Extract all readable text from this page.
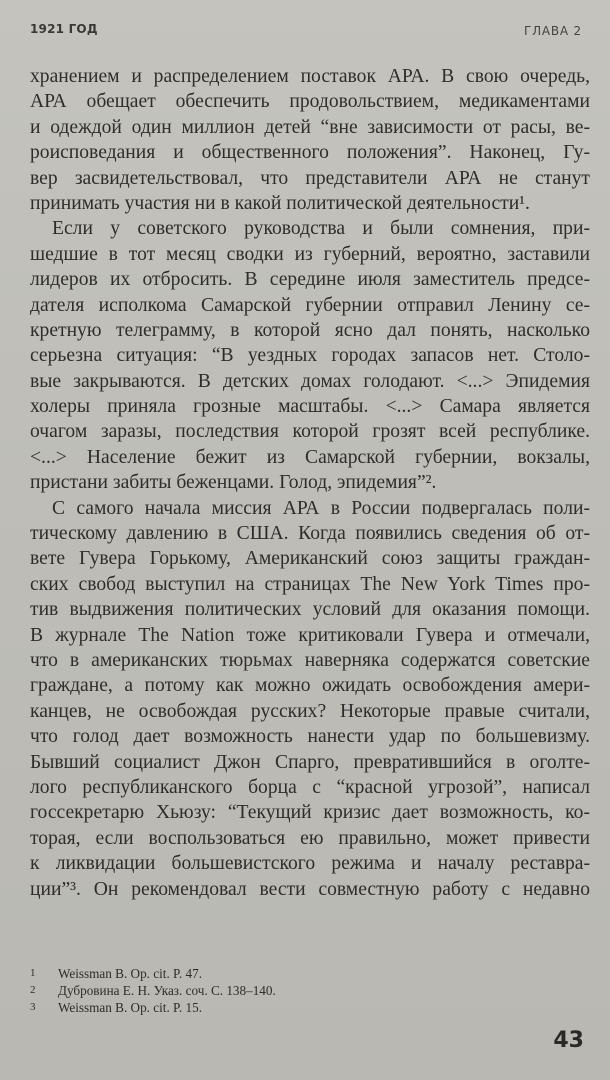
1921 ГОД	ГЛАВА 2
хранением и распределением поставок АРА. В свою очередь,
АРА обещает обеспечить продовольствием, медикаментами
и одеждой один миллион детей “вне зависимости от расы, ве-
роисповедания и общественного положения”. Наконец, Гу-
вер засвидетельствовал, что представители АРА не станут
принимать участия ни в какой политической деятельности¹.
Если у советского руководства и были сомнения, при-
шедшие в тот месяц сводки из губерний, вероятно, заставили
лидеров их отбросить. В середине июля заместитель предсе-
дателя исполкома Самарской губернии отправил Ленину се-
кретную телеграмму, в которой ясно дал понять, насколько
серьезна ситуация: “В уездных городах запасов нет. Столо-
вые закрываются. В детских домах голодают. <...> Эпидемия
холеры приняла грозные масштабы. <...> Самара является
очагом заразы, последствия которой грозят всей республике.
<...> Население бежит из Самарской губернии, вокзалы,
пристани забиты беженцами. Голод, эпидемия”².
С самого начала миссия АРА в России подвергалась поли-
тическому давлению в США. Когда появились сведения об от-
вете Гувера Горькому, Американский союз защиты граждан-
ских свобод выступил на страницах The New York Times про-
тив выдвижения политических условий для оказания помощи.
В журнале The Nation тоже критиковали Гувера и отмечали,
что в американских тюрьмах наверняка содержатся советские
граждане, а потому как можно ожидать освобождения амери-
канцев, не освобождая русских? Некоторые правые считали,
что голод дает возможность нанести удар по большевизму.
Бывший социалист Джон Спарго, превратившийся в оголте-
лого республиканского борца с “красной угрозой”, написал
госсекретарю Хьюзу: “Текущий кризис дает возможность, ко-
торая, если воспользоваться ею правильно, может привести
к ликвидации большевистского режима и началу реставра-
ции”³. Он рекомендовал вести совместную работу с недавно
1	Weissman B. Op. cit. P. 47.
2	Дубровина Е. Н. Указ. соч. С. 138–140.
3	Weissman B. Op. cit. P. 15.
43
